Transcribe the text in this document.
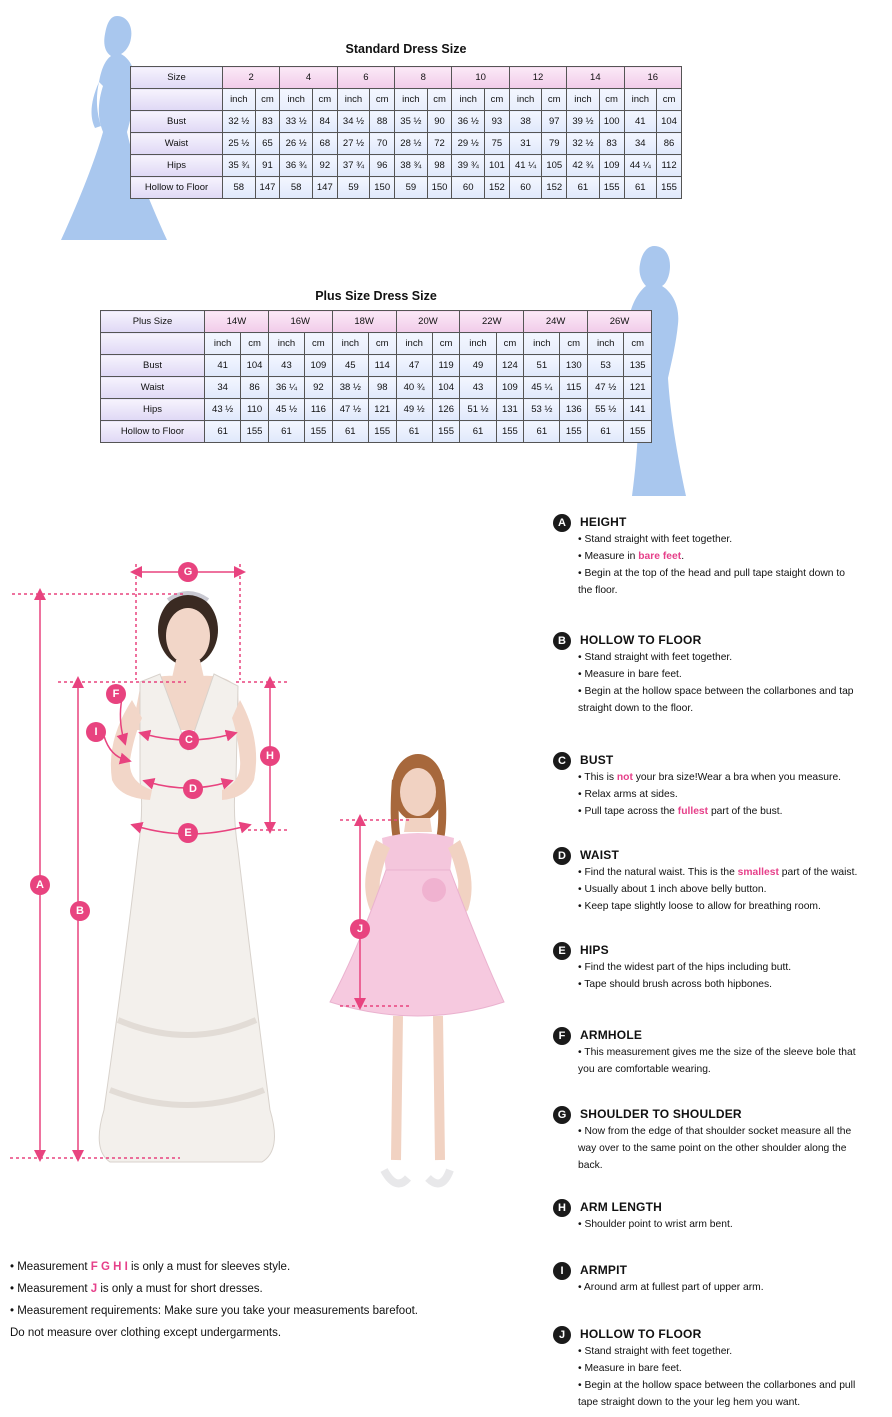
Standard Dress Size
Size	2		4		6		8		10		12		14		16	
	inch	cm	inch	cm	inch	cm	inch	cm	inch	cm	inch	cm	inch	cm	inch	cm
Bust	32 ½	83	33 ½	84	34 ½	88	35 ½	90	36 ½	93	38	97	39 ½	100	41	104
Waist	25 ½	65	26 ½	68	27 ½	70	28 ½	72	29 ½	75	31	79	32 ½	83	34	86
Hips	35 ¾	91	36 ¾	92	37 ¾	96	38 ¾	98	39 ¾	101	41 ¼	105	42 ¾	109	44 ¼	112
Hollow to Floor	58	147	58	147	59	150	59	150	60	152	60	152	61	155	61	155
Plus Size Dress Size
Plus Size	14W		16W		18W		20W		22W		24W		26W	
	inch	cm	inch	cm	inch	cm	inch	cm	inch	cm	inch	cm	inch	cm
Bust	41	104	43	109	45	114	47	119	49	124	51	130	53	135
Waist	34	86	36 ¼	92	38 ½	98	40 ¾	104	43	109	45 ¼	115	47 ½	121
Hips	43 ½	110	45 ½	116	47 ½	121	49 ½	126	51 ½	131	53 ½	136	55 ½	141
Hollow to Floor	61	155	61	155	61	155	61	155	61	155	61	155	61	155
A
B
C
D
E
F
G
H
I
J
A	HEIGHT
• Stand straight with feet together.
• Measure in bare feet.
• Begin at the top of the head and pull tape staight down to
the floor.
B	HOLLOW TO FLOOR
• Stand straight with feet together.
• Measure in bare feet.
• Begin at the hollow space between the collarbones and tap
straight down to the floor.
C	BUST
• This is not your bra size!Wear a bra when you measure.
• Relax arms at sides.
• Pull tape across the fullest part of the bust.
D	WAIST
• Find the natural waist. This is the smallest part of the waist.
• Usually about 1 inch above belly button.
• Keep tape slightly loose to allow for breathing room.
E	HIPS
• Find the widest part of the hips including butt.
• Tape should brush across both hipbones.
F	ARMHOLE
• This measurement gives me the size of the sleeve bole that
you are comfortable wearing.
G	SHOULDER TO SHOULDER
• Now from the edge of that shoulder socket measure all the
way over to the same point on the other shoulder along the
back.
H	ARM LENGTH
• Shoulder point to wrist arm bent.
I	ARMPIT
• Around arm at fullest part of upper arm.
J	HOLLOW TO FLOOR
• Stand straight with feet together.
• Measure in bare feet.
• Begin at the hollow space between the collarbones and pull
tape straight down to the your leg hem you want.
• Measurement F G H I is only a must for sleeves style.
• Measurement J is only a must for short dresses.
• Measurement requirements: Make sure you take your measurements barefoot.
Do not measure over clothing except undergarments.
